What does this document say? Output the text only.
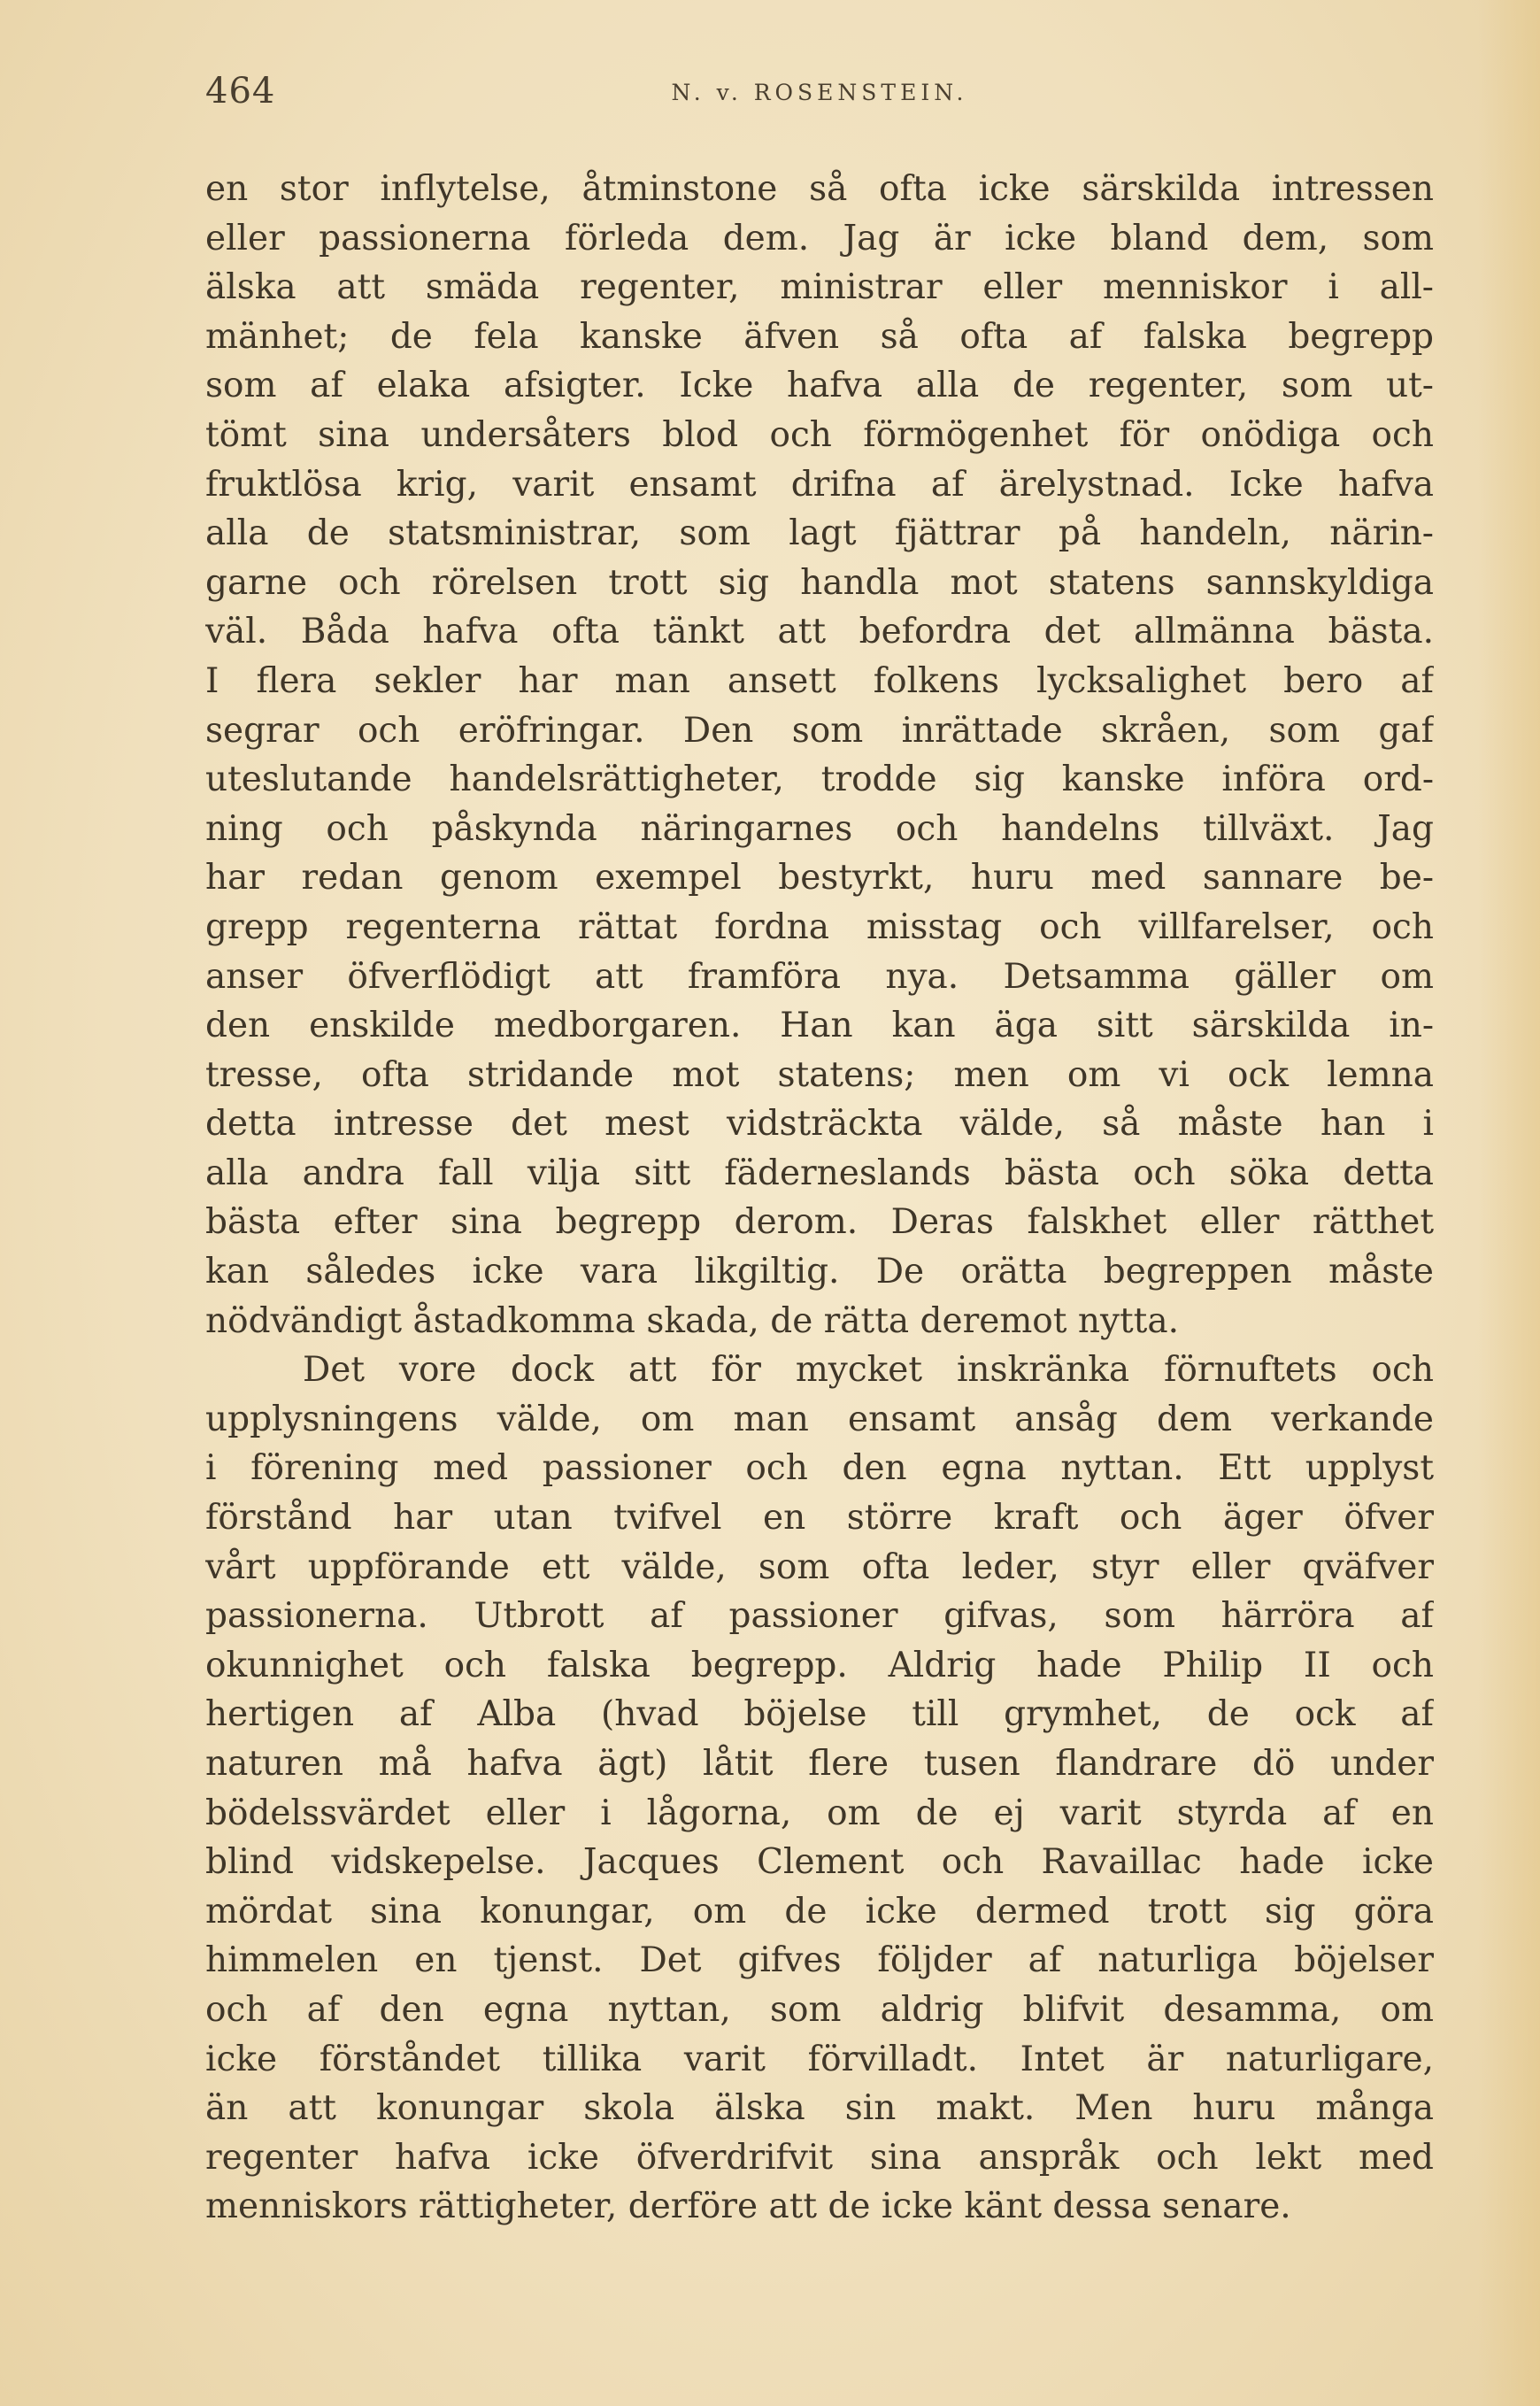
464	N. v. ROSENSTEIN.
en stor inflytelse, åtminstone så ofta icke särskilda intressen
eller passionerna förleda dem. Jag är icke bland dem, som
älska att smäda regenter, ministrar eller menniskor i all-
mänhet; de fela kanske äfven så ofta af falska begrepp
som af elaka afsigter. Icke hafva alla de regenter, som ut-
tömt sina undersåters blod och förmögenhet för onödiga och
fruktlösa krig, varit ensamt drifna af ärelystnad. Icke hafva
alla de statsministrar, som lagt fjättrar på handeln, närin-
garne och rörelsen trott sig handla mot statens sannskyldiga
väl. Båda hafva ofta tänkt att befordra det allmänna bästa.
I flera sekler har man ansett folkens lycksalighet bero af
segrar och eröfringar. Den som inrättade skråen, som gaf
uteslutande handelsrättigheter, trodde sig kanske införa ord-
ning och påskynda näringarnes och handelns tillväxt. Jag
har redan genom exempel bestyrkt, huru med sannare be-
grepp regenterna rättat fordna misstag och villfarelser, och
anser öfverflödigt att framföra nya. Detsamma gäller om
den enskilde medborgaren. Han kan äga sitt särskilda in-
tresse, ofta stridande mot statens; men om vi ock lemna
detta intresse det mest vidsträckta välde, så måste han i
alla andra fall vilja sitt fäderneslands bästa och söka detta
bästa efter sina begrepp derom. Deras falskhet eller rätthet
kan således icke vara likgiltig. De orätta begreppen måste
nödvändigt åstadkomma skada, de rätta deremot nytta.
Det vore dock att för mycket inskränka förnuftets och
upplysningens välde, om man ensamt ansåg dem verkande
i förening med passioner och den egna nyttan. Ett upplyst
förstånd har utan tvifvel en större kraft och äger öfver
vårt uppförande ett välde, som ofta leder, styr eller qväfver
passionerna. Utbrott af passioner gifvas, som härröra af
okunnighet och falska begrepp. Aldrig hade Philip II och
hertigen af Alba (hvad böjelse till grymhet, de ock af
naturen må hafva ägt) låtit flere tusen flandrare dö under
bödelssvärdet eller i lågorna, om de ej varit styrda af en
blind vidskepelse. Jacques Clement och Ravaillac hade icke
mördat sina konungar, om de icke dermed trott sig göra
himmelen en tjenst. Det gifves följder af naturliga böjelser
och af den egna nyttan, som aldrig blifvit desamma, om
icke förståndet tillika varit förvilladt. Intet är naturligare,
än att konungar skola älska sin makt. Men huru många
regenter hafva icke öfverdrifvit sina anspråk och lekt med
menniskors rättigheter, derföre att de icke känt dessa senare.
